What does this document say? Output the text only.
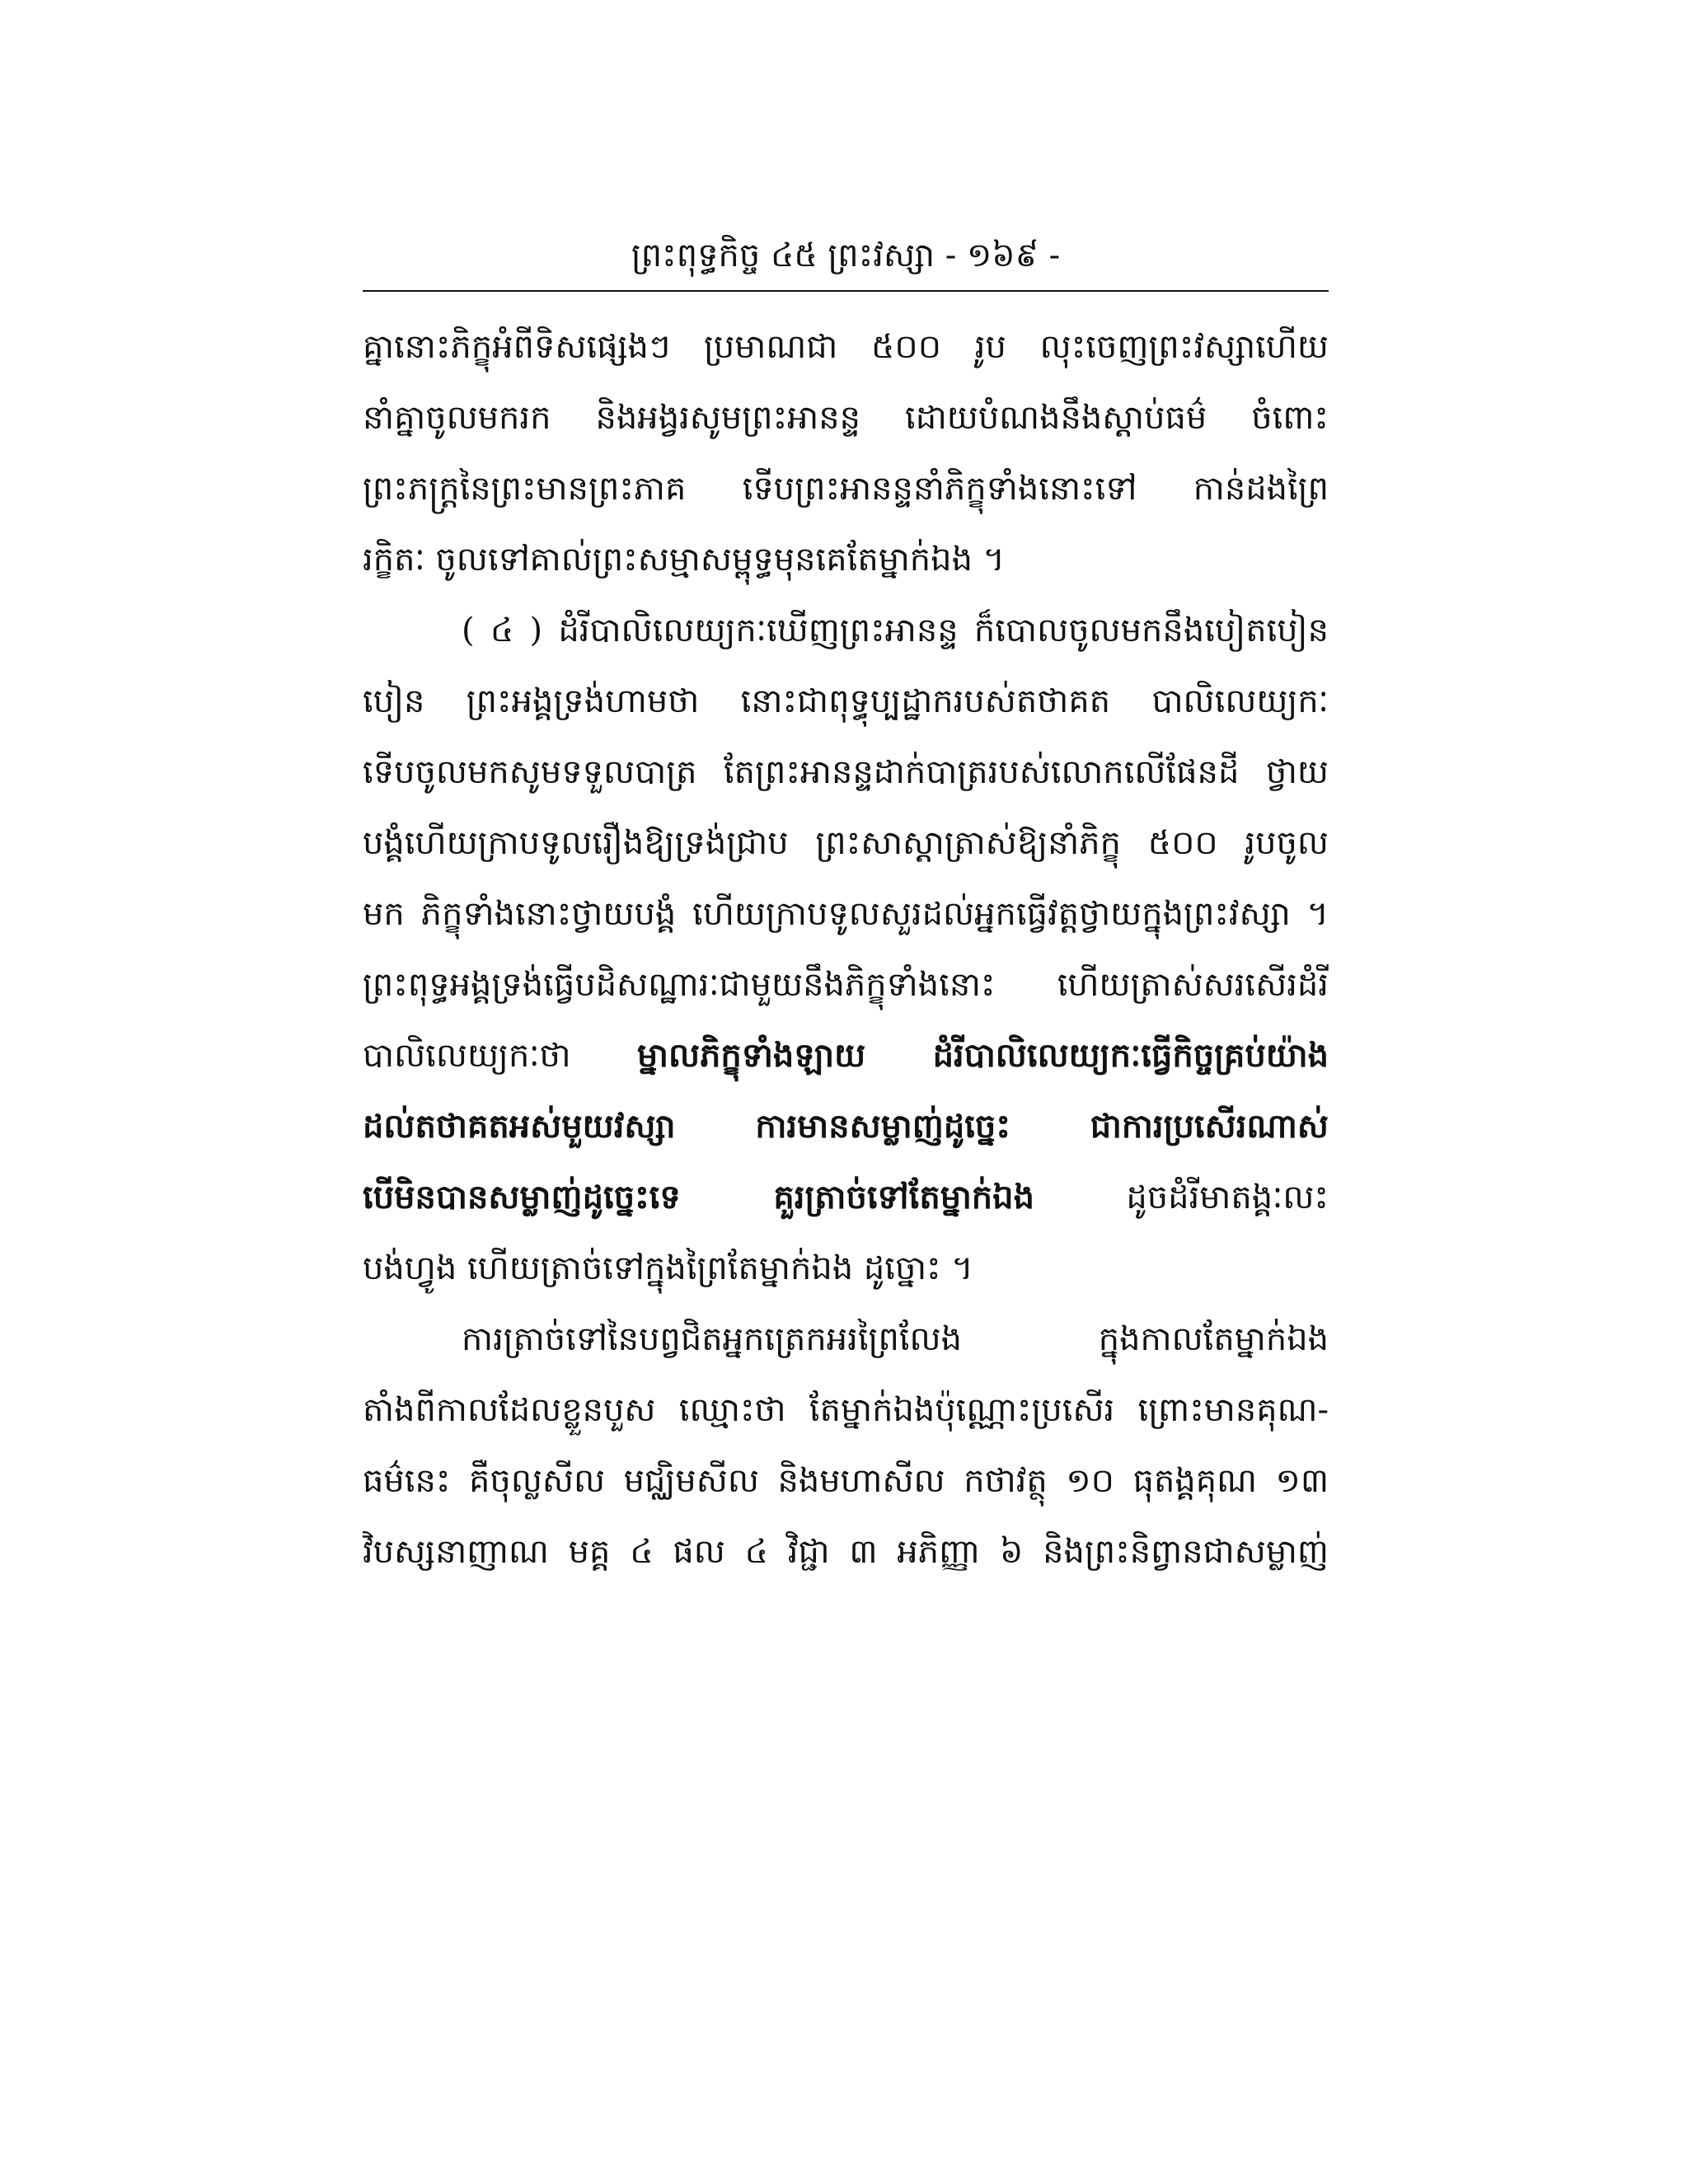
ព្រះពុទ្ធកិច្ច ៤៥ ព្រះវស្សា - ១៦៩ -
គ្នានោះភិក្ខុអំពីទិសផ្សេងៗ ប្រមាណជា ៥០០ រូប លុះចេញព្រះវស្សាហើយ
នាំគ្នាចូលមករក និងអង្វរសូមព្រះអានន្ទ ដោយបំណងនឹងស្តាប់ធម៌ ចំពោះ
ព្រះភក្ត្រនៃព្រះមានព្រះភាគ ទើបព្រះអានន្ទនាំភិក្ខុទាំងនោះទៅ កាន់ដងព្រៃ
រក្ខិតៈ ចូលទៅគាល់ព្រះសម្មាសម្ពុទ្ធមុនគេតែម្នាក់ឯង ។
( ៤ ) ដំរីបាលិលេយ្យកៈឃើញព្រះអានន្ទ ក៏បោលចូលមកនឹងបៀតបៀន
បៀន ព្រះអង្គទ្រង់ហាមថា នោះជាពុទ្ធុប្បដ្ឋាករបស់តថាគត បាលិលេយ្យកៈ
ទើបចូលមកសូមទទួលបាត្រ តែព្រះអានន្ទដាក់បាត្ររបស់លោកលើផែនដី ថ្វាយ
បង្គំហើយក្រាបទូលរឿងឱ្យទ្រង់ជ្រាប ព្រះសាស្ដាត្រាស់ឱ្យនាំភិក្ខុ ៥០០ រូបចូល
មក ភិក្ខុទាំងនោះថ្វាយបង្គំ ហើយក្រាបទូលសួរដល់អ្នកធ្វើវត្តថ្វាយក្នុងព្រះវស្សា ។
ព្រះពុទ្ធអង្គទ្រង់ធ្វើបដិសណ្ឋារៈជាមួយនឹងភិក្ខុទាំងនោះ ហើយត្រាស់សរសើរដំរី
បាលិលេយ្យកៈថា ម្នាលភិក្ខុទាំងឡាយ ដំរីបាលិលេយ្យកៈធ្វើកិច្ចគ្រប់យ៉ាង
ដល់តថាគតអស់មួយវស្សា ការមានសម្លាញ់ដូច្នេះ ជាការប្រសើរណាស់
បើមិនបានសម្លាញ់ដូច្នេះទេ គួរត្រាច់ទៅតែម្នាក់ឯង	ដូចដំរីមាតង្គៈលះ
បង់ហ្វូង ហើយត្រាច់ទៅក្នុងព្រៃតែម្នាក់ឯង ដូច្នោះ ។
ការត្រាច់ទៅនៃបព្វជិតអ្នកត្រេកអរព្រៃលែង ក្នុងកាលតែម្នាក់ឯង
តាំងពីកាលដែលខ្លួនបួស ឈ្មោះថា តែម្នាក់ឯងប៉ុណ្ណោះប្រសើរ ព្រោះមានគុណ-
ធម៌នេះ គឺចុល្លសីល មជ្ឈិមសីល និងមហាសីល កថាវត្ថុ ១០ ធុតង្គគុណ ១៣
វិបស្សនាញាណ មគ្គ ៤ ផល ៤ វិជ្ជា ៣ អភិញ្ញា ៦ និងព្រះនិព្វានជាសម្លាញ់
